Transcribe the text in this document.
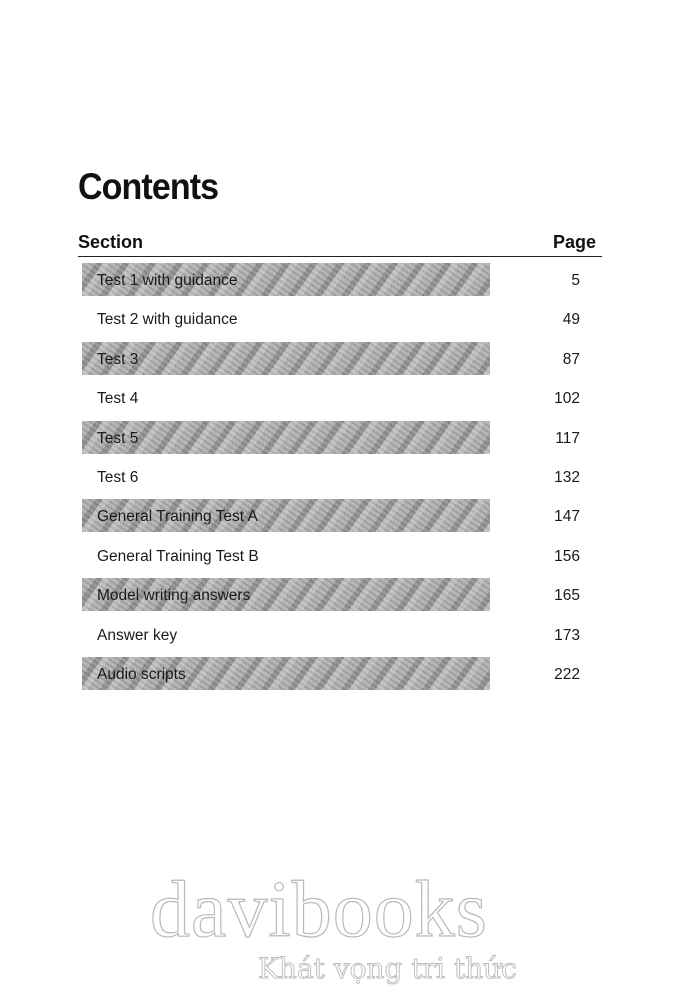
Contents
Section	Page
Test 1 with guidance	5
Test 2 with guidance	49
Test 3	87
Test 4	102
Test 5	117
Test 6	132
General Training Test A	147
General Training Test B	156
Model writing answers	165
Answer key	173
Audio scripts	222
davibooks
Khát vọng tri thức
